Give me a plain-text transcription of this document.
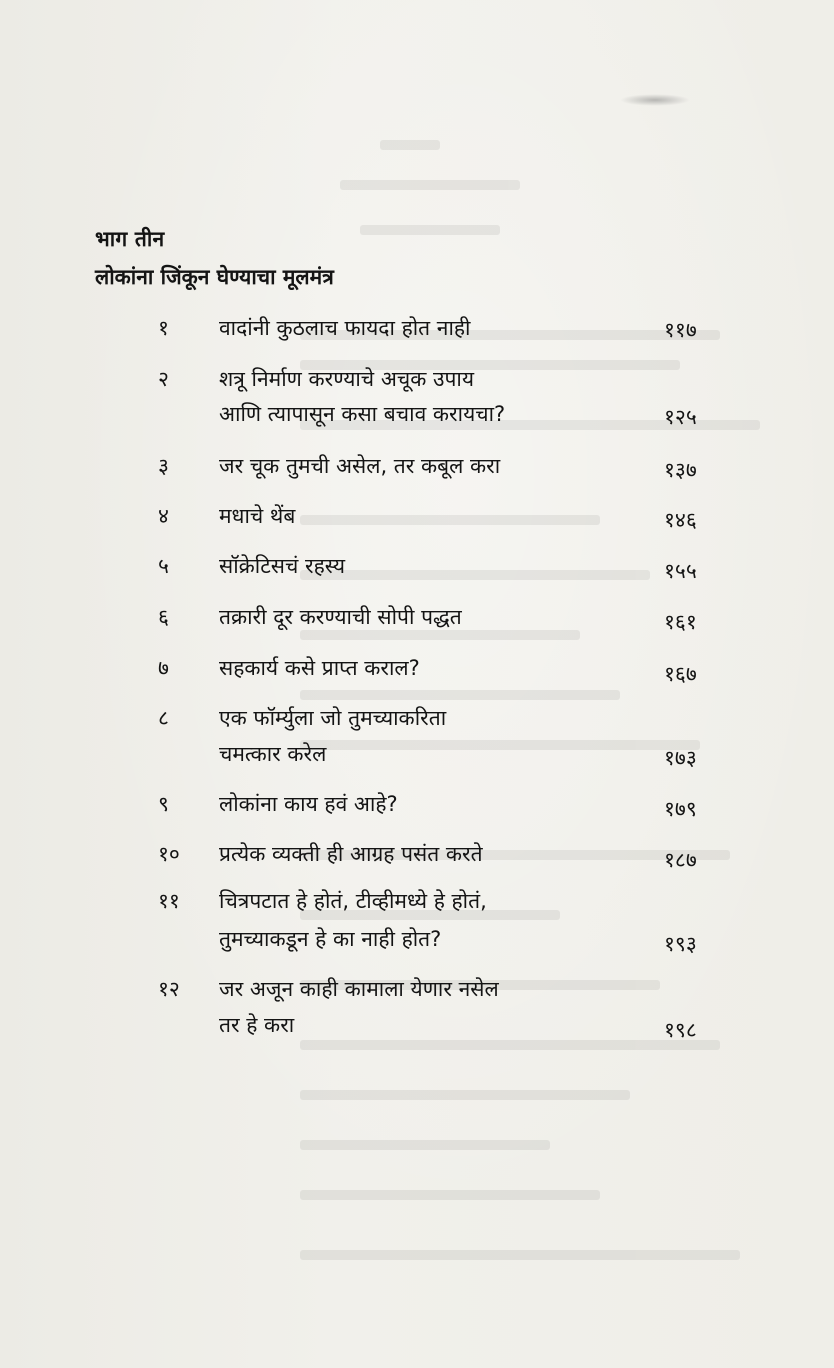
भाग तीन
लोकांना जिंकून घेण्याचा मूलमंत्र
१	वादांनी कुठलाच फायदा होत नाही	११७
२	शत्रू निर्माण करण्याचे अचूक उपाय
आणि त्यापासून कसा बचाव करायचा?	१२५
३	जर चूक तुमची असेल, तर कबूल करा	१३७
४	मधाचे थेंब	१४६
५	सॉक्रेटिसचं रहस्य	१५५
६	तक्रारी दूर करण्याची सोपी पद्धत	१६१
७	सहकार्य कसे प्राप्त कराल?	१६७
८	एक फॉर्म्युला जो तुमच्याकरिता
चमत्कार करेल	१७३
९	लोकांना काय हवं आहे?	१७९
१०	प्रत्येक व्यक्ती ही आग्रह पसंत करते	१८७
११	चित्रपटात हे होतं, टीव्हीमध्ये हे होतं,
तुमच्याकडून हे का नाही होत?	१९३
१२	जर अजून काही कामाला येणार नसेल
तर हे करा	१९८
